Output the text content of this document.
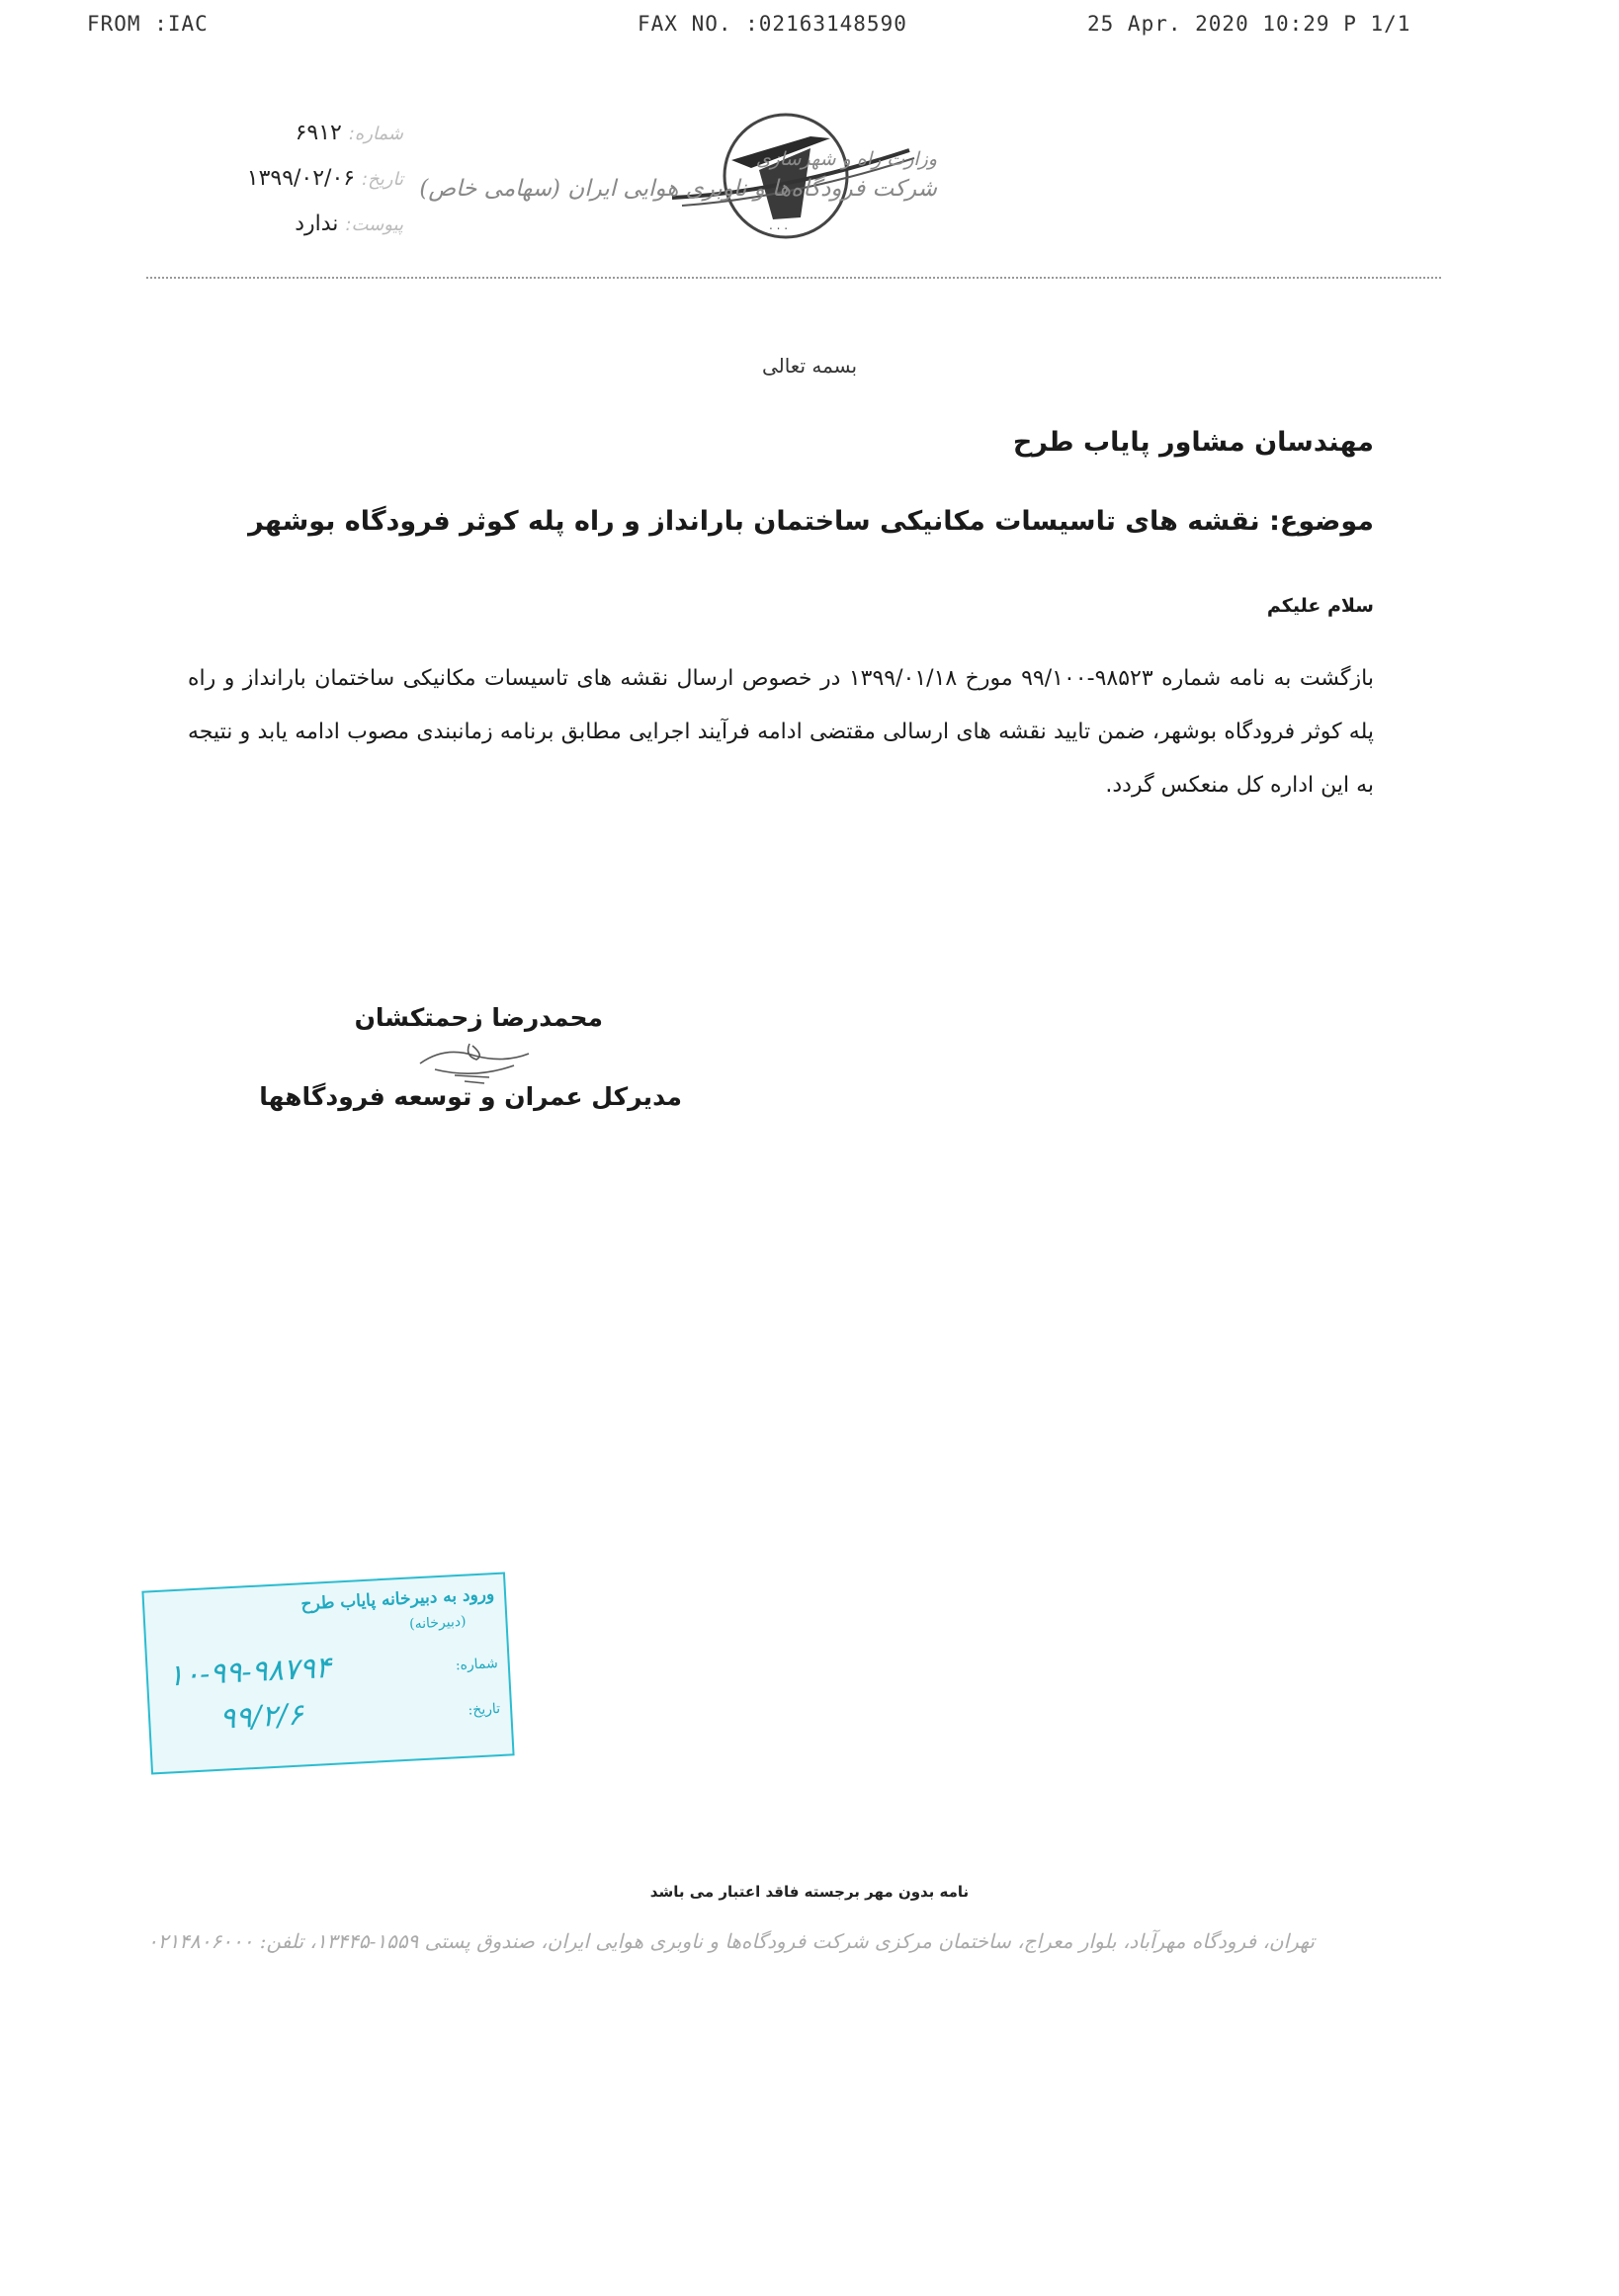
FROM :IAC	FAX NO. :02163148590	25 Apr. 2020 10:29 P 1/1
شماره: ۶۹۱۲
تاریخ: ۱۳۹۹/۰۲/۰۶
پیوست: ندارد	. . .
وزارت راه و شهرسازی
شرکت فرودگاه‌ها و ناوبری هوایی ایران (سهامی خاص)
بسمه تعالی
مهندسان مشاور پایاب طرح
موضوع: نقشه های تاسیسات مکانیکی ساختمان بارانداز و راه پله کوثر فرودگاه بوشهر
سلام علیکم
بازگشت به نامه شماره ۹۸۵۲۳-۹۹/۱۰۰ مورخ ۱۳۹۹/۰۱/۱۸ در خصوص ارسال نقشه های تاسیسات مکانیکی ساختمان بارانداز و راه پله کوثر فرودگاه بوشهر، ضمن تایید نقشه های ارسالی مقتضی ادامه فرآیند اجرایی مطابق برنامه زمانبندی مصوب ادامه یابد و نتیجه به این اداره کل منعکس گردد.
محمدرضا زحمتکشان
مدیرکل عمران و توسعه فرودگاهها
ورود به دبیرخانه پایاب طرح
(دبیرخانه)
شماره:
۱۰-۹۹-۹۸۷۹۴
تاریخ:
۹۹/۲/۶
نامه بدون مهر برجسته فاقد اعتبار می باشد
تهران، فرودگاه مهرآباد، بلوار معراج، ساختمان مرکزی شرکت فرودگاه‌ها و ناوبری هوایی ایران، صندوق پستی ۱۵۵۹-۱۳۴۴۵، تلفن: ۰۲۱۴۸۰۶۰۰۰
